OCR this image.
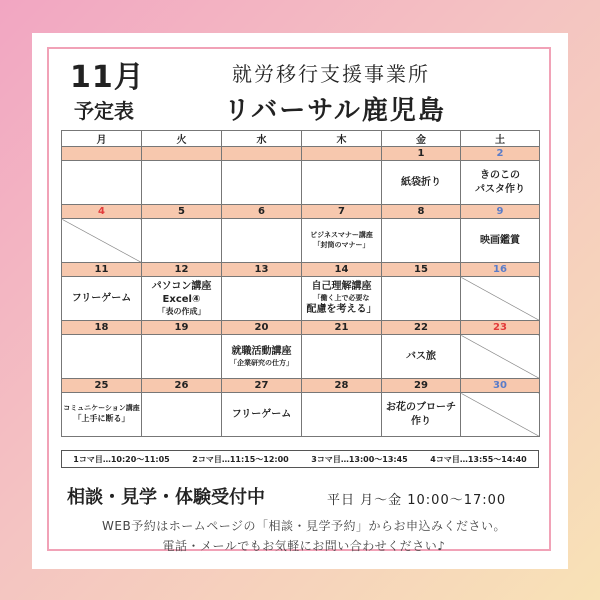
11月
予定表
就労移行支援事業所
リバーサル鹿児島
月	火	水	木	金	土
				1	2

				紙袋折り	きのこの
パスタ作り

4	5	6	7	8	9

			ビジネスマナー講座
「封筒のマナー」		映画鑑賞

11	12	13	14	15	16

フリーゲーム	パソコン講座
Excel④
「表の作成」		自己理解講座
「働く上で必要な
配慮を考える」		

18	19	20	21	22	23

		就職活動講座
「企業研究の仕方」		バス旅	

25	26	27	28	29	30

コミュニケーション講座
「上手に断る」		フリーゲーム		お花のブローチ
作り	

1コマ目…10:20～11:05	2コマ目…11:15～12:00	3コマ目…13:00～13:45	4コマ目…13:55～14:40
相談・見学・体験受付中	平日 月～金 10:00～17:00
WEB予約はホームページの「相談・見学予約」からお申込みください。
電話・メールでもお気軽にお問い合わせください♪
